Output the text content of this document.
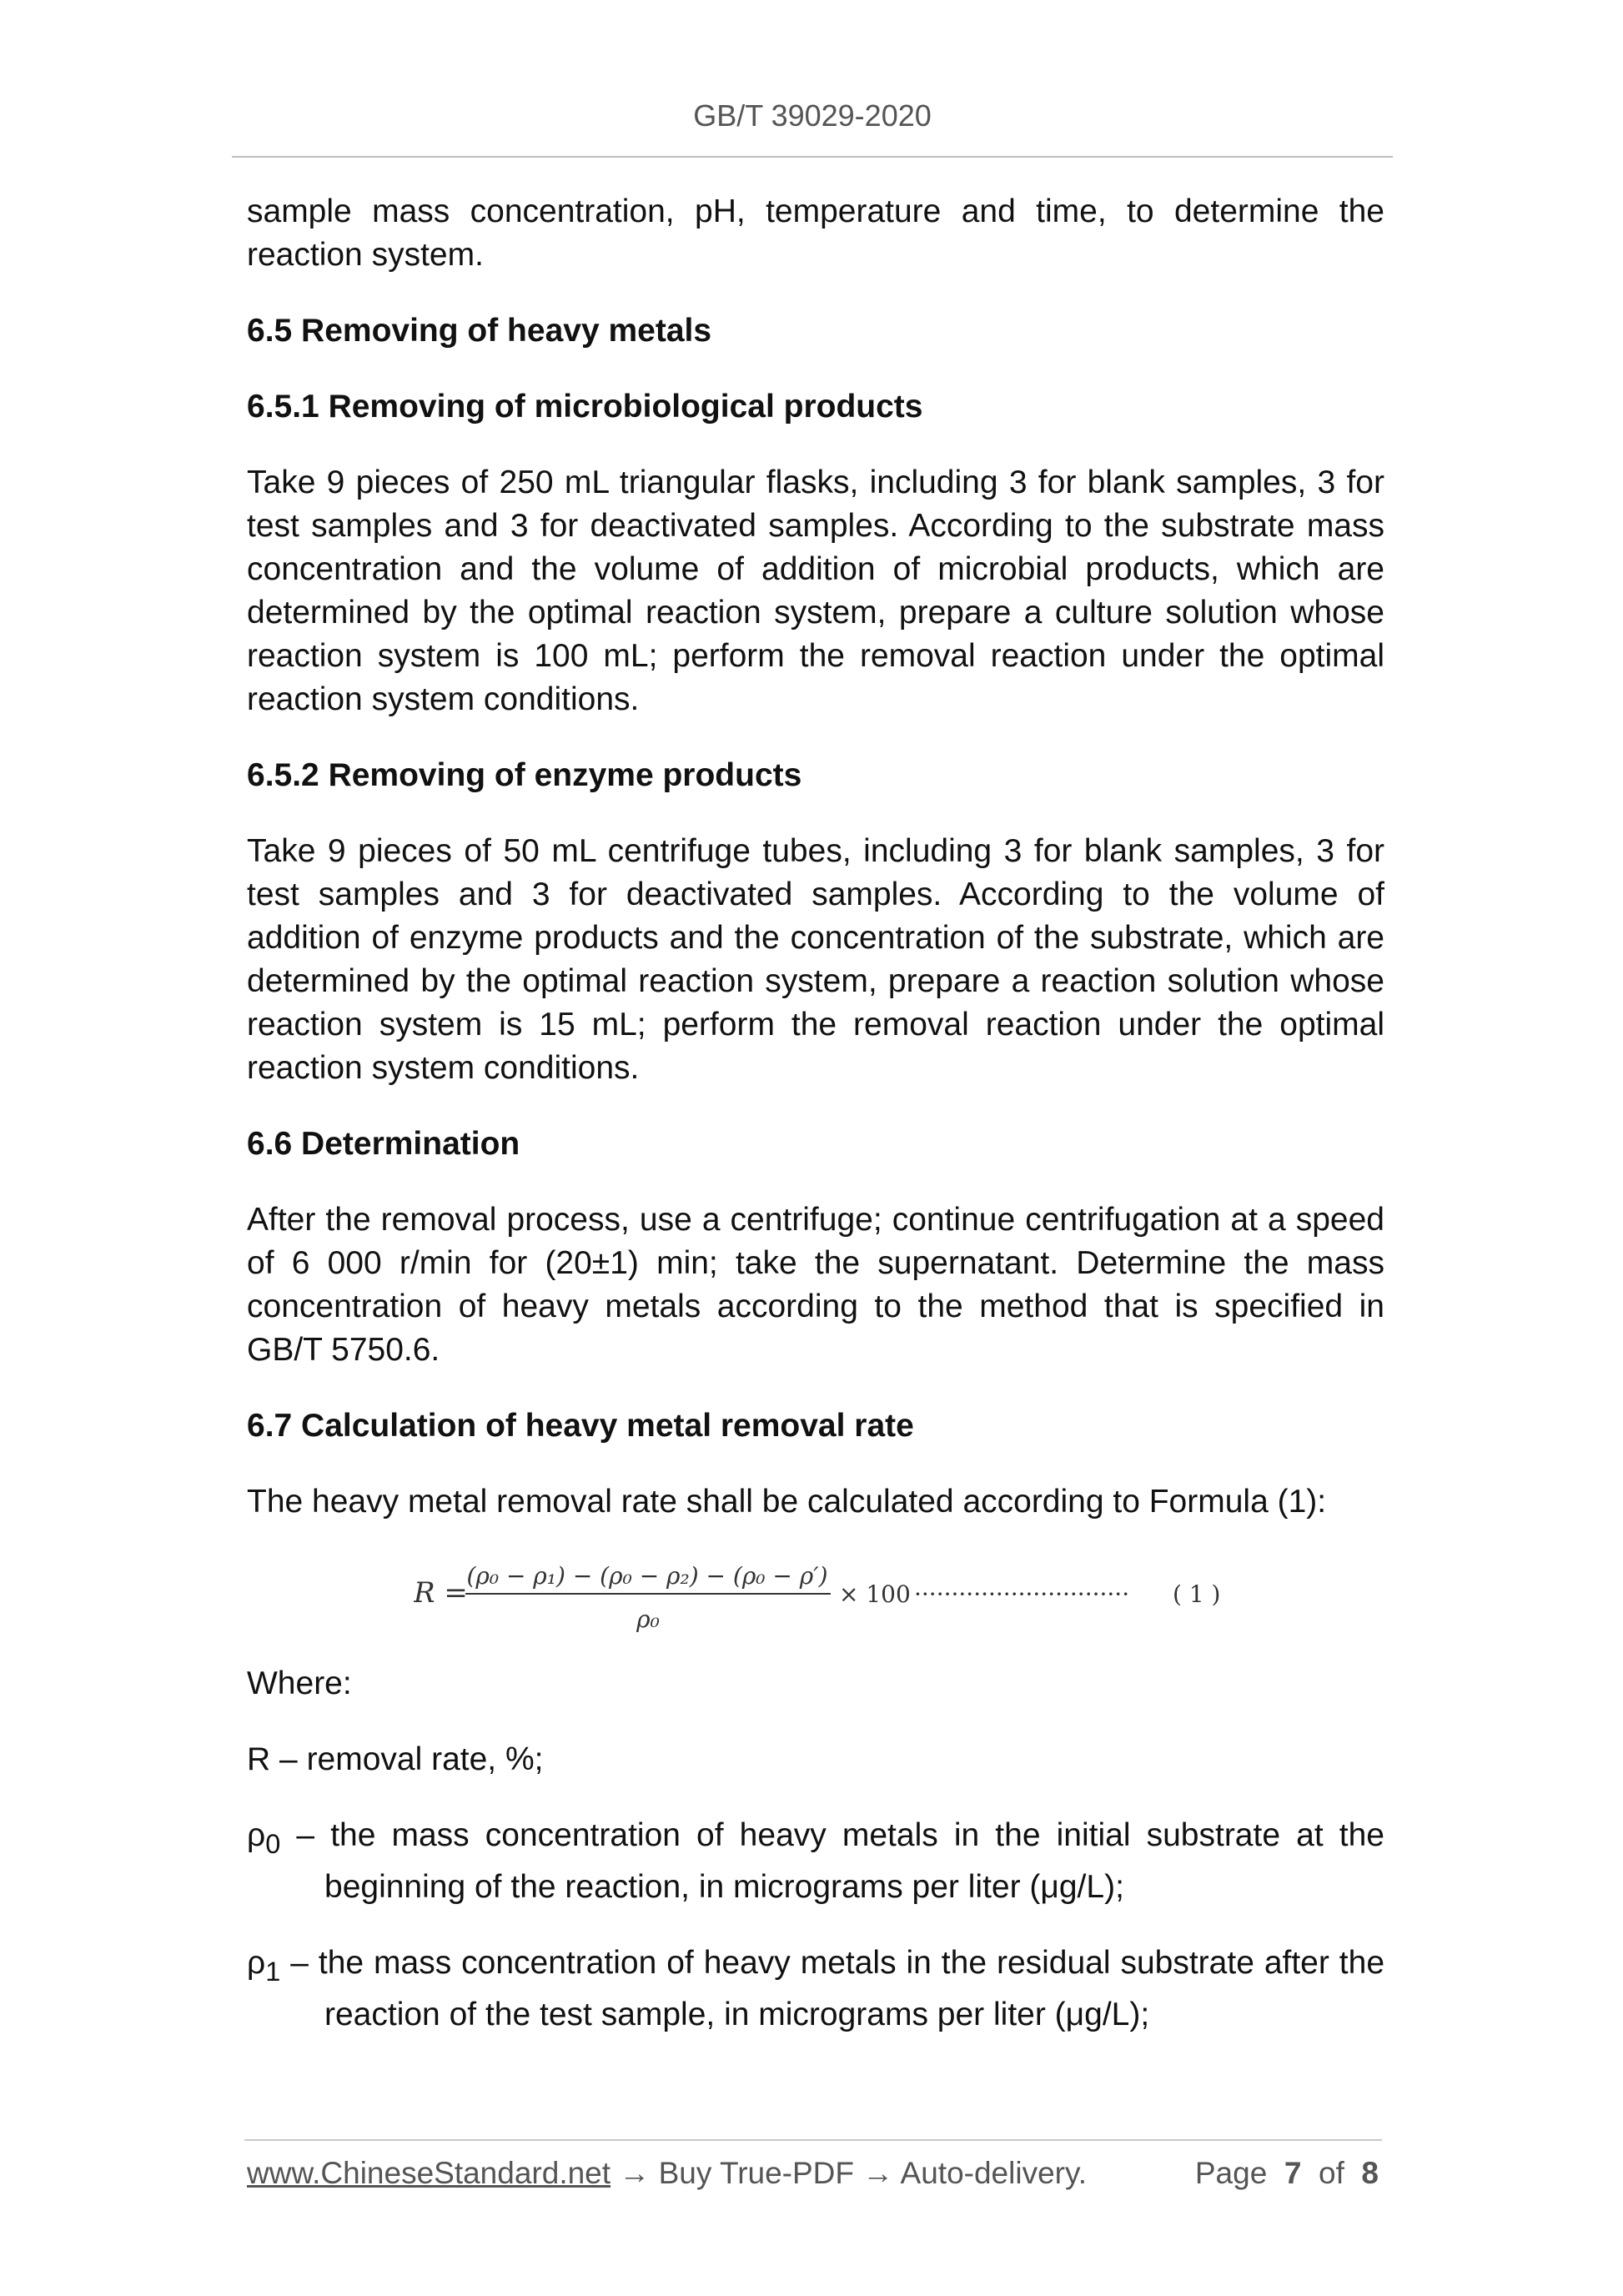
GB/T 39029-2020

sample mass concentration, pH, temperature and time, to determine the reaction system.

6.5 Removing of heavy metals
6.5.1 Removing of microbiological products

Take 9 pieces of 250 mL triangular flasks, including 3 for blank samples, 3 for test samples and 3 for deactivated samples. According to the substrate mass concentration and the volume of addition of microbial products, which are determined by the optimal reaction system, prepare a culture solution whose reaction system is 100 mL; perform the removal reaction under the optimal reaction system conditions.

6.5.2 Removing of enzyme products

Take 9 pieces of 50 mL centrifuge tubes, including 3 for blank samples, 3 for test samples and 3 for deactivated samples. According to the volume of addition of enzyme products and the concentration of the substrate, which are determined by the optimal reaction system, prepare a reaction solution whose reaction system is 15 mL; perform the removal reaction under the optimal reaction system conditions.

6.6 Determination

After the removal process, use a centrifuge; continue centrifugation at a speed of 6 000 r/min for (20±1) min; take the supernatant. Determine the mass concentration of heavy metals according to the method that is specified in GB/T 5750.6.

6.7 Calculation of heavy metal removal rate

The heavy metal removal rate shall be calculated according to Formula (1):

R =
(ρ₀ − ρ₁) − (ρ₀ − ρ₂) − (ρ₀ − ρ′)
ρ₀
× 100 ····························· ( 1 )

Where:

R – removal rate, %;

$\rho_0$ – the mass concentration of heavy metals in the initial substrate at the beginning of the reaction, in micrograms per liter (μg/L);

$\rho_1$ – the mass concentration of heavy metals in the residual substrate after the reaction of the test sample, in micrograms per liter (μg/L);

www.ChineseStandard.net → Buy True-PDF → Auto-delivery.	Page 7 of 8
